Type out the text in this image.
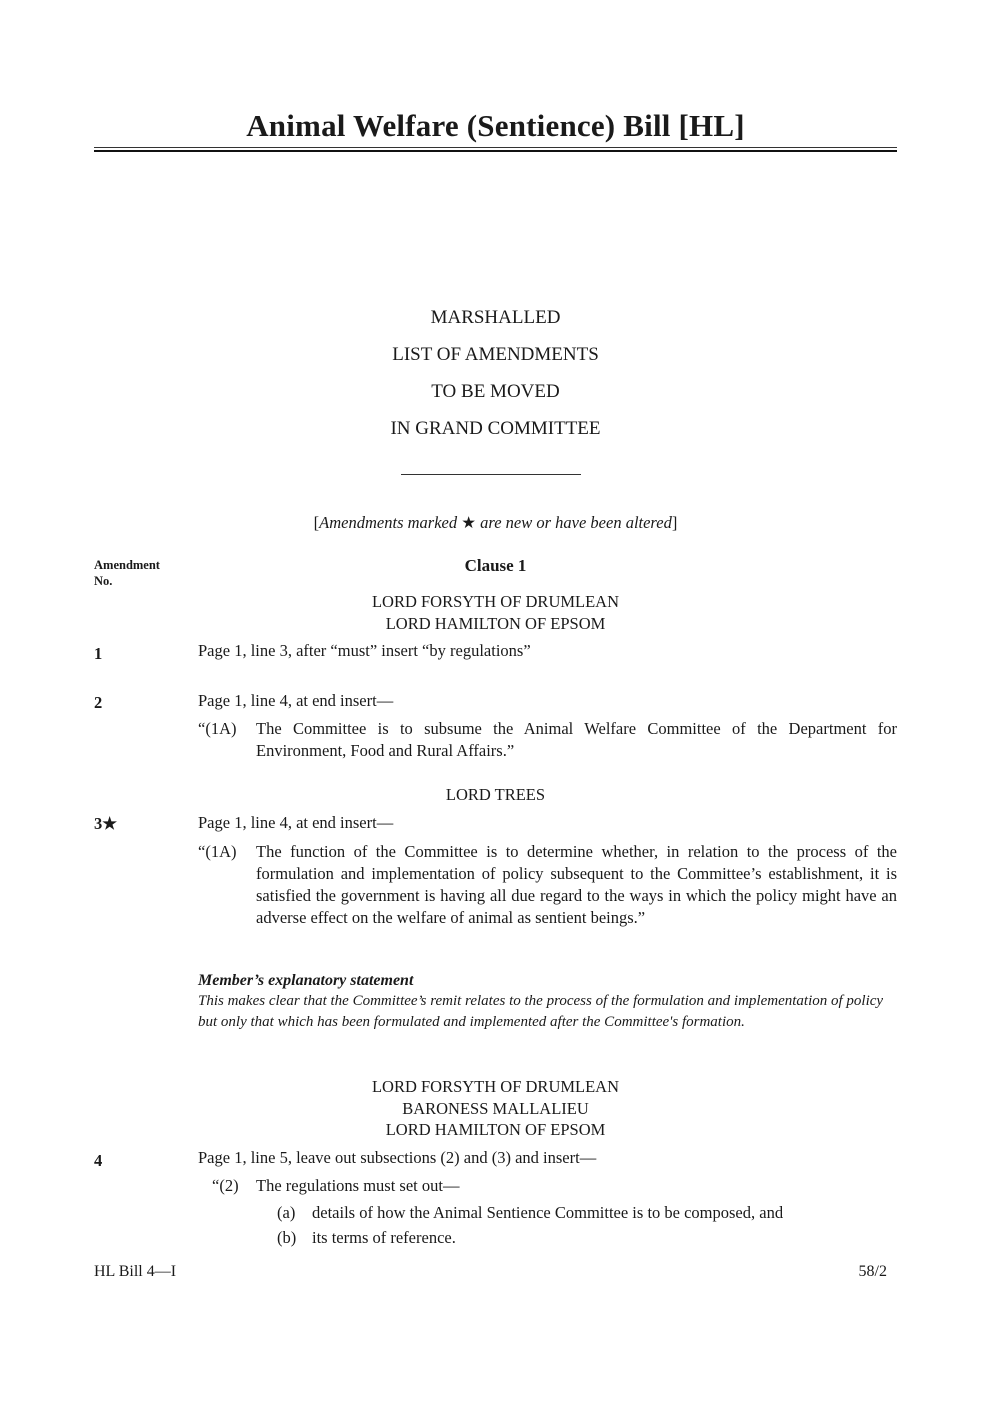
Animal Welfare (Sentience) Bill [HL]
MARSHALLED
LIST OF AMENDMENTS
TO BE MOVED
IN GRAND COMMITTEE
[Amendments marked ★ are new or have been altered]
Amendment
No.
Clause 1
LORD FORSYTH OF DRUMLEAN
LORD HAMILTON OF EPSOM
1	Page 1, line 3, after “must” insert “by regulations”
2	Page 1, line 4, at end insert—
“(1A) The Committee is to subsume the Animal Welfare Committee of the Department for Environment, Food and Rural Affairs.”
LORD TREES
3★	Page 1, line 4, at end insert—
“(1A) The function of the Committee is to determine whether, in relation to the process of the formulation and implementation of policy subsequent to the Committee’s establishment, it is satisfied the government is having all due regard to the ways in which the policy might have an adverse effect on the welfare of animal as sentient beings.”
Member’s explanatory statement
This makes clear that the Committee’s remit relates to the process of the formulation and implementation of policy but only that which has been formulated and implemented after the Committee's formation.
LORD FORSYTH OF DRUMLEAN
BARONESS MALLALIEU
LORD HAMILTON OF EPSOM
4	Page 1, line 5, leave out subsections (2) and (3) and insert—
“(2) The regulations must set out—
(a) details of how the Animal Sentience Committee is to be composed, and
(b) its terms of reference.
HL Bill 4—I	58/2
